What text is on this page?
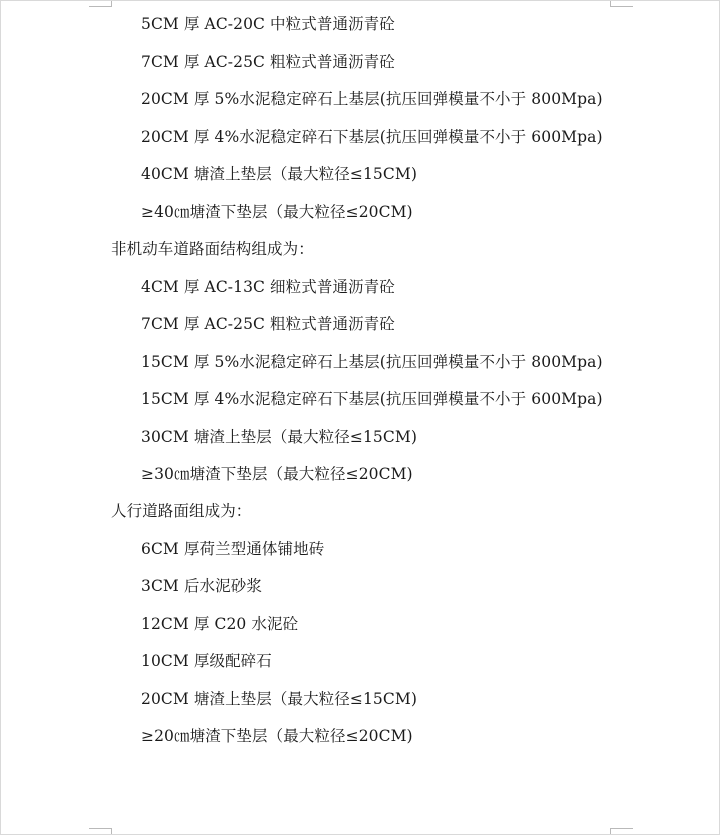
5CM 厚 AC-20C 中粒式普通沥青砼
7CM 厚 AC-25C 粗粒式普通沥青砼
20CM 厚 5%水泥稳定碎石上基层(抗压回弹模量不小于 800Mpa)
20CM 厚 4%水泥稳定碎石下基层(抗压回弹模量不小于 600Mpa)
40CM 塘渣上垫层（最大粒径≤15CM)
≥40㎝塘渣下垫层（最大粒径≤20CM)
非机动车道路面结构组成为：
4CM 厚 AC-13C 细粒式普通沥青砼
7CM 厚 AC-25C 粗粒式普通沥青砼
15CM 厚 5%水泥稳定碎石上基层(抗压回弹模量不小于 800Mpa)
15CM 厚 4%水泥稳定碎石下基层(抗压回弹模量不小于 600Mpa)
30CM 塘渣上垫层（最大粒径≤15CM)
≥30㎝塘渣下垫层（最大粒径≤20CM)
人行道路面组成为：
6CM 厚荷兰型通体铺地砖
3CM 后水泥砂浆
12CM 厚 C20 水泥砼
10CM 厚级配碎石
20CM 塘渣上垫层（最大粒径≤15CM)
≥20㎝塘渣下垫层（最大粒径≤20CM)
